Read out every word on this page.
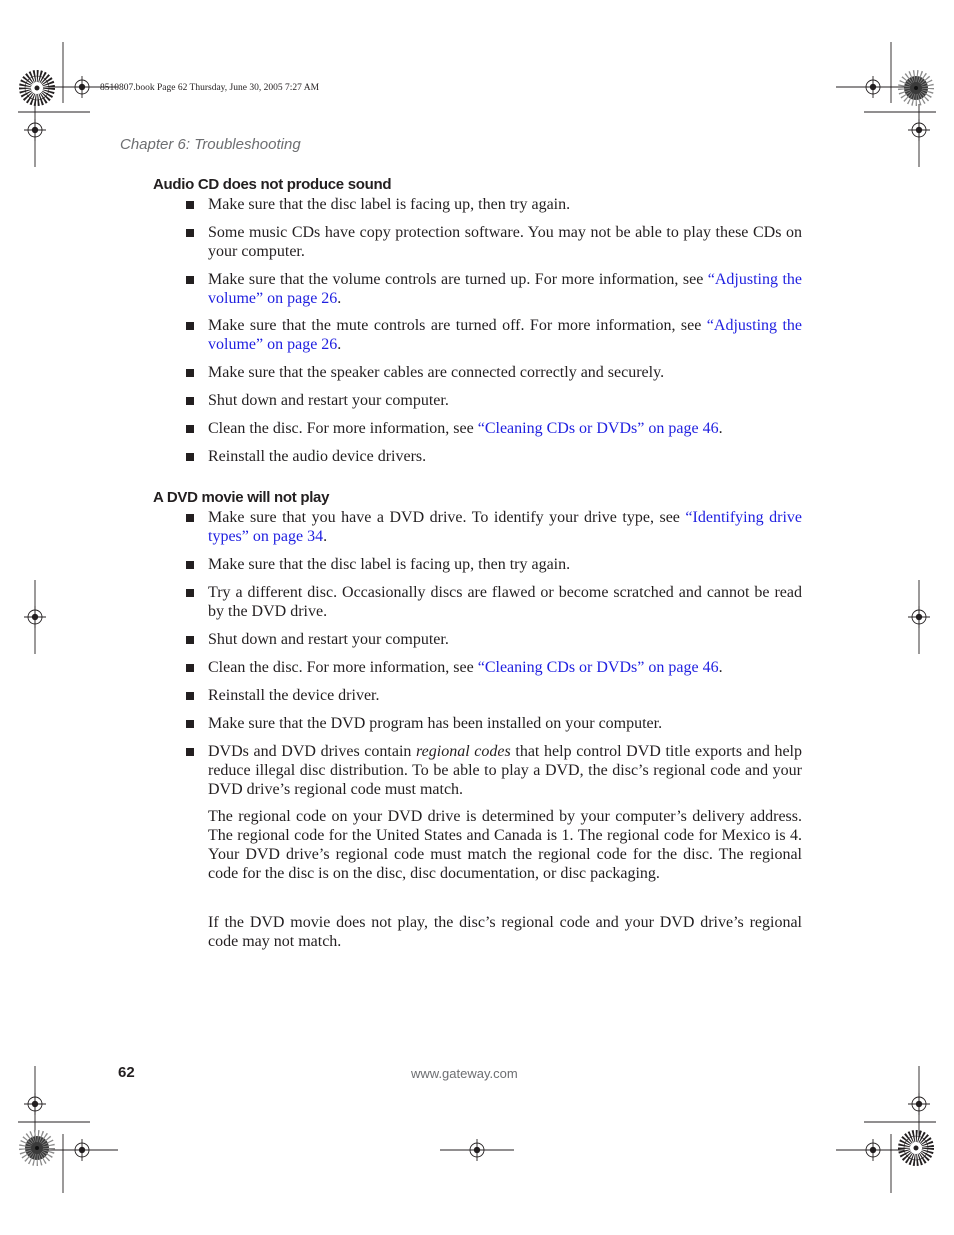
8510807.book Page 62 Thursday, June 30, 2005 7:27 AM
Chapter 6: Troubleshooting
Audio CD does not produce sound
Make sure that the disc label is facing up, then try again.
Some music CDs have copy protection software. You may not be able to play these CDs on your computer.
Make sure that the volume controls are turned up. For more information, see “Adjusting the volume” on page 26.
Make sure that the mute controls are turned off. For more information, see “Adjusting the volume” on page 26.
Make sure that the speaker cables are connected correctly and securely.
Shut down and restart your computer.
Clean the disc. For more information, see “Cleaning CDs or DVDs” on page 46.
Reinstall the audio device drivers.
A DVD movie will not play
Make sure that you have a DVD drive. To identify your drive type, see “Identifying drive types” on page 34.
Make sure that the disc label is facing up, then try again.
Try a different disc. Occasionally discs are flawed or become scratched and cannot be read by the DVD drive.
Shut down and restart your computer.
Clean the disc. For more information, see “Cleaning CDs or DVDs” on page 46.
Reinstall the device driver.
Make sure that the DVD program has been installed on your computer.
DVDs and DVD drives contain regional codes that help control DVD title exports and help reduce illegal disc distribution. To be able to play a DVD, the disc’s regional code and your DVD drive’s regional code must match.
The regional code on your DVD drive is determined by your computer’s delivery address. The regional code for the United States and Canada is 1. The regional code for Mexico is 4. Your DVD drive’s regional code must match the regional code for the disc. The regional code for the disc is on the disc, disc documentation, or disc packaging.
If the DVD movie does not play, the disc’s regional code and your DVD drive’s regional code may not match.
62	www.gateway.com
